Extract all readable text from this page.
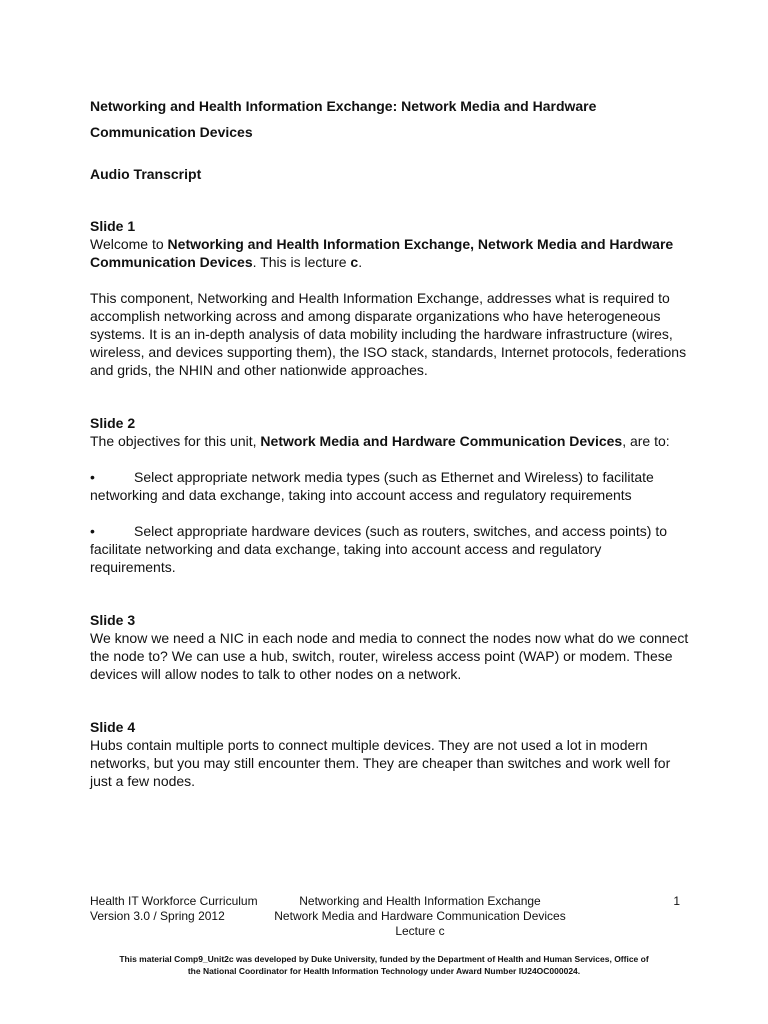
Networking and Health Information Exchange: Network Media and Hardware

Communication Devices

Audio Transcript

Slide 1

Welcome to Networking and Health Information Exchange, Network Media and Hardware Communication Devices. This is lecture c.

This component, Networking and Health Information Exchange, addresses what is required to accomplish networking across and among disparate organizations who have heterogeneous systems. It is an in-depth analysis of data mobility including the hardware infrastructure (wires, wireless, and devices supporting them), the ISO stack, standards, Internet protocols, federations and grids, the NHIN and other nationwide approaches.

Slide 2

The objectives for this unit, Network Media and Hardware Communication Devices, are to:

•	Select appropriate network media types (such as Ethernet and Wireless) to facilitate networking and data exchange, taking into account access and regulatory requirements

•	Select appropriate hardware devices (such as routers, switches, and access points) to facilitate networking and data exchange, taking into account access and regulatory requirements.

Slide 3

We know we need a NIC in each node and media to connect the nodes now what do we connect the node to? We can use a hub, switch, router, wireless access point (WAP) or modem. These devices will allow nodes to talk to other nodes on a network.

Slide 4

Hubs contain multiple ports to connect multiple devices. They are not used a lot in modern networks, but you may still encounter them. They are cheaper than switches and work well for just a few nodes.

Health IT Workforce Curriculum
Version 3.0 / Spring 2012
Networking and Health Information Exchange
Network Media and Hardware Communication Devices
Lecture c
1
This material Comp9_Unit2c was developed by Duke University, funded by the Department of Health and Human Services, Office of
the National Coordinator for Health Information Technology under Award Number IU24OC000024.
